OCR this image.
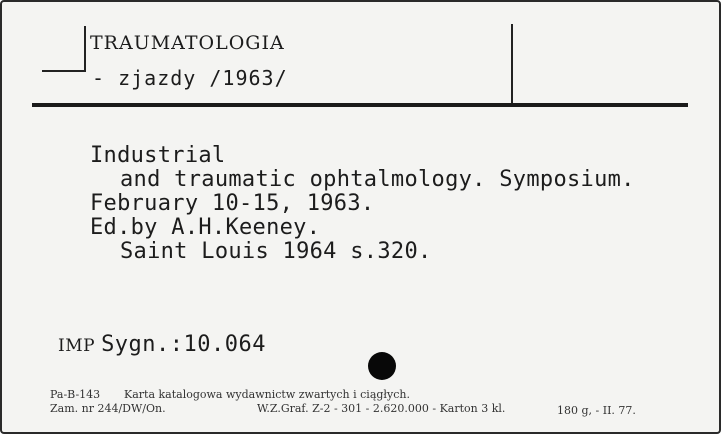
TRAUMATOLOGIA
- zjazdy /1963/
Industrial
and traumatic ophtalmology. Symposium.
February 10-15, 1963.
Ed.by A.H.Keeney.
Saint Louis 1964 s.320.
IMP Sygn.:10.064
Pa-B-143 Karta katalogowa wydawnictw zwartych i ciągłych.
Zam. nr 244/DW/On.	W.Z.Graf. Z-2 - 301 - 2.620.000 - Karton 3 kl.	180 g, - II. 77.
